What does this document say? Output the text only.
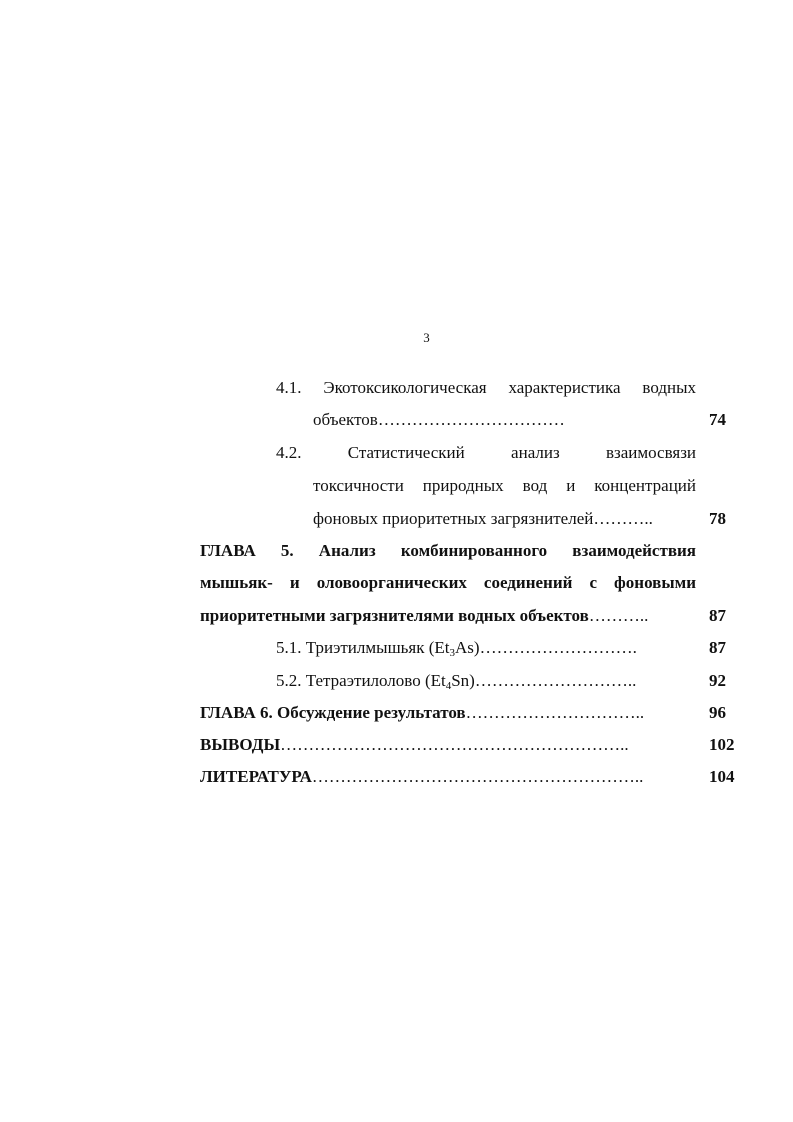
3
4.1. Экотоксикологическая характеристика водных
объектов……………………………	74
4.2.	Статистический	анализ	взаимосвязи
токсичности природных вод и концентраций
фоновых приоритетных загрязнителей………..	78
ГЛАВА 5. Анализ комбинированного взаимодействия
мышьяк- и оловоорганических соединений с фоновыми
приоритетными загрязнителями водных объектов………..	87
5.1. Триэтилмышьяк $(Et_3As)\dots\dots\dots\dots\dots\dots\dots\dots\dots$.	87
5.2. Тетраэтилолово $(Et_4Sn)\dots\dots\dots\dots\dots\dots\dots\dots\dots$..	92
ГЛАВА 6. Обсуждение результатов…………………………..	96
ВЫВОДЫ……………………………………………………..	102
ЛИТЕРАТУРА…………………………………………………..	104
